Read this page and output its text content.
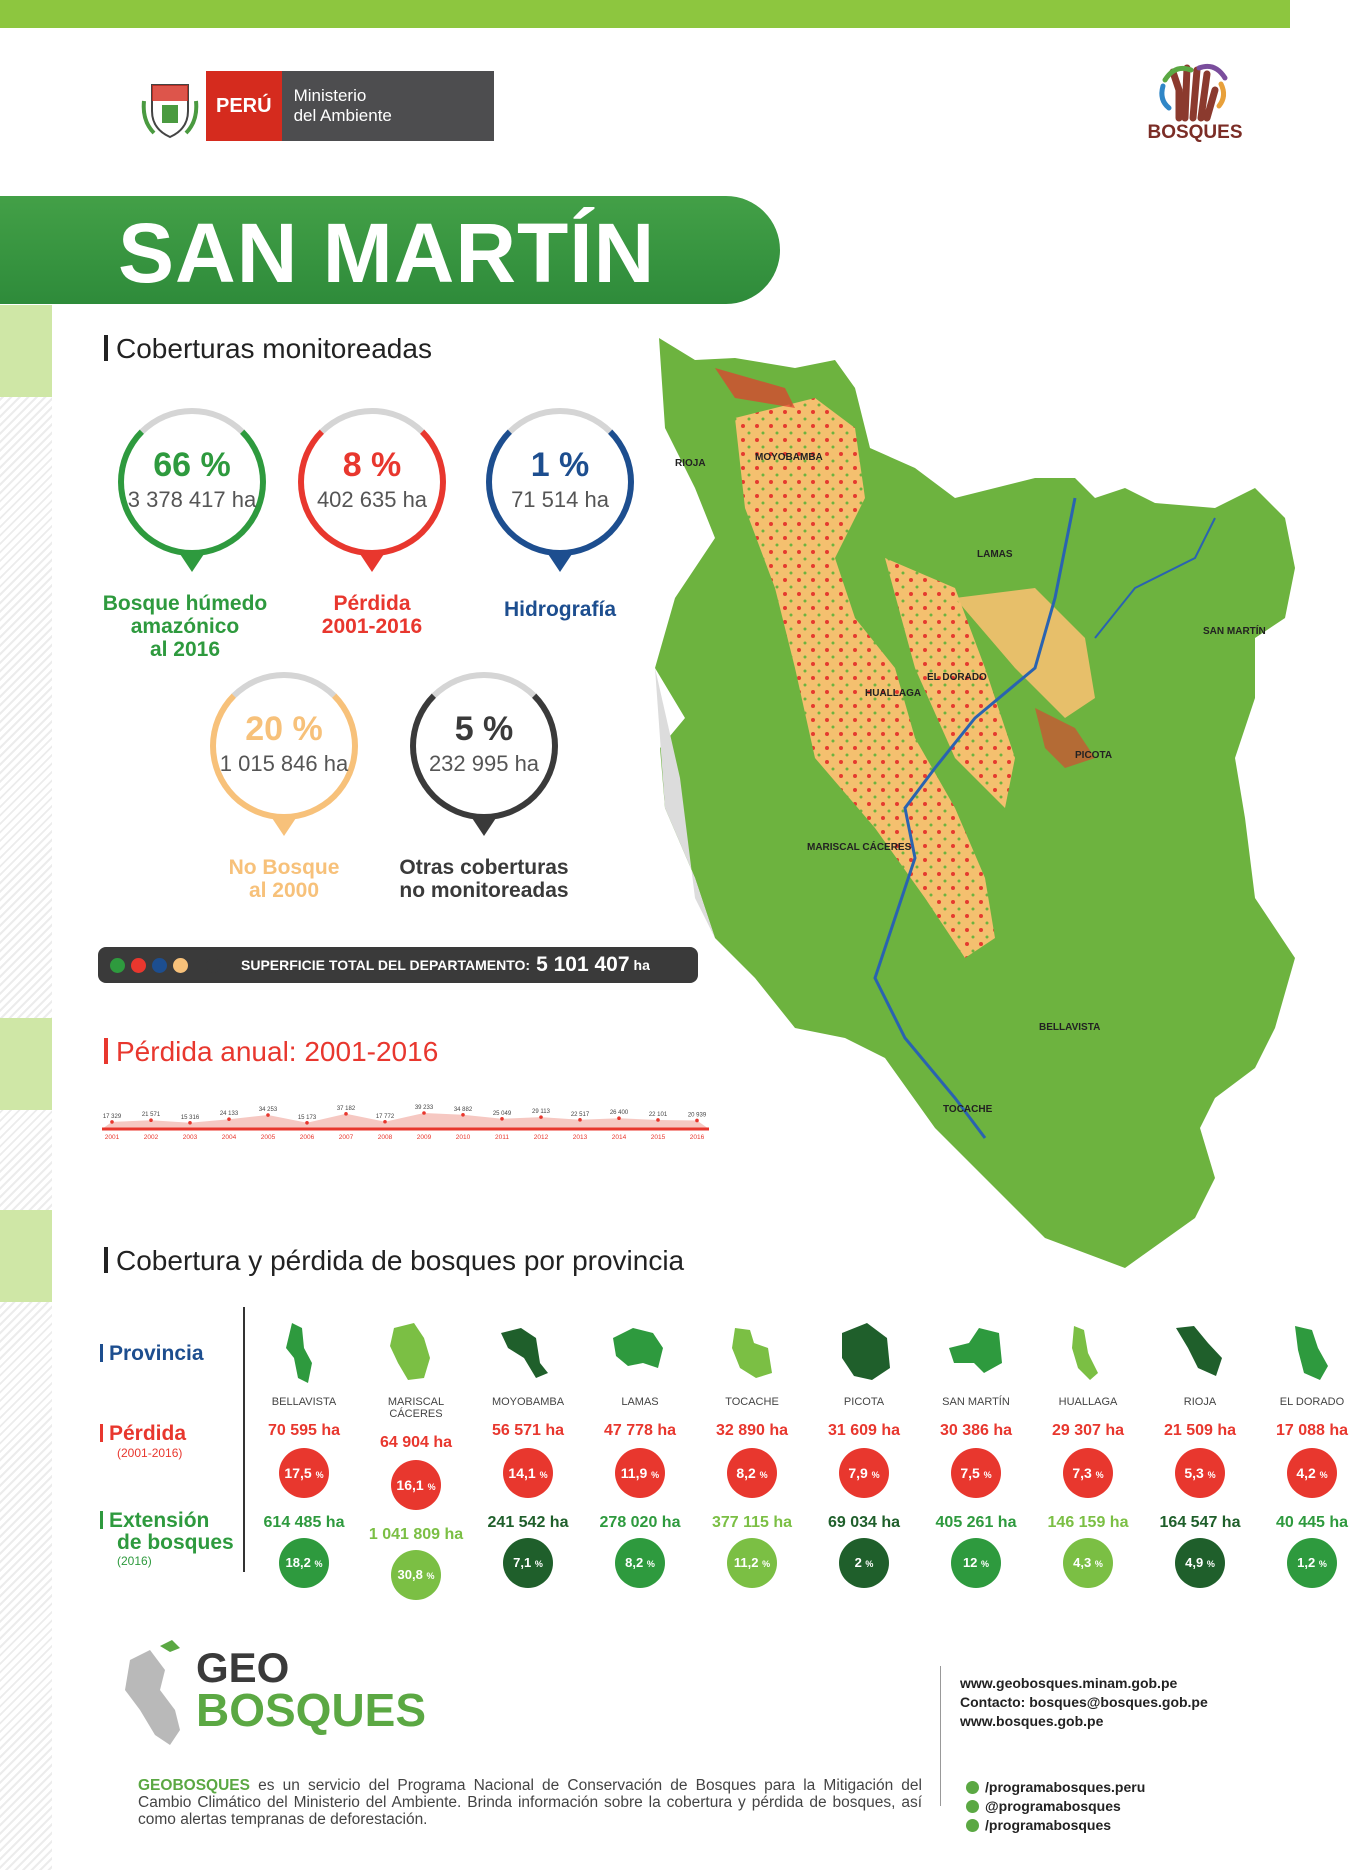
PERÚ	Ministerio
del Ambiente
BOSQUES
SAN MARTÍN
Coberturas monitoreadas
66 %
3 378 417 ha
Bosque húmedo
amazónico
al 2016
8 %
402 635 ha
Pérdida
2001-2016
1 %
71 514 ha
Hidrografía
20 %
1 015 846 ha
No Bosque
al 2000
5 %
232 995 ha
Otras coberturas
no monitoreadas
SUPERFICIE TOTAL DEL DEPARTAMENTO: 5 101 407 ha
Pérdida anual: 2001-2016
17 329
2001
21 571
2002
15 316
2003
24 133
2004
34 253
2005
15 173
2006
37 182
2007
17 772
2008
39 233
2009
34 882
2010
25 049
2011
29 113
2012
22 517
2013
26 400
2014
22 101
2015
20 939
2016
RIOJA
MOYOBAMBA
LAMAS
SAN MARTÍN
EL DORADO
HUALLAGA
PICOTA
MARISCAL CÁCERES
BELLAVISTA
TOCACHE
Cobertura y pérdida de bosques por provincia
Provincia
Pérdida
(2001-2016)
Extensión
de bosques
(2016)
BELLAVISTA
70 595 ha
17,5 %
614 485 ha
18,2 %
MARISCAL CÁCERES
64 904 ha
16,1 %
1 041 809 ha
30,8 %
MOYOBAMBA
56 571 ha
14,1 %
241 542 ha
7,1 %
LAMAS
47 778 ha
11,9 %
278 020 ha
8,2 %
TOCACHE
32 890 ha
8,2 %
377 115 ha
11,2 %
PICOTA
31 609 ha
7,9 %
69 034 ha
2 %
SAN MARTÍN
30 386 ha
7,5 %
405 261 ha
12 %
HUALLAGA
29 307 ha
7,3 %
146 159 ha
4,3 %
RIOJA
21 509 ha
5,3 %
164 547 ha
4,9 %
EL DORADO
17 088 ha
4,2 %
40 445 ha
1,2 %
GEO
BOSQUES
GEOBOSQUES es un servicio del Programa Nacional de Conservación de Bosques para la Mitigación del Cambio Climático del Ministerio del Ambiente. Brinda información sobre la cobertura y pérdida de bosques, así como alertas tempranas de deforestación.
www.geobosques.minam.gob.pe
Contacto: bosques@bosques.gob.pe
www.bosques.gob.pe
/programabosques.peru
@programabosques
/programabosques
